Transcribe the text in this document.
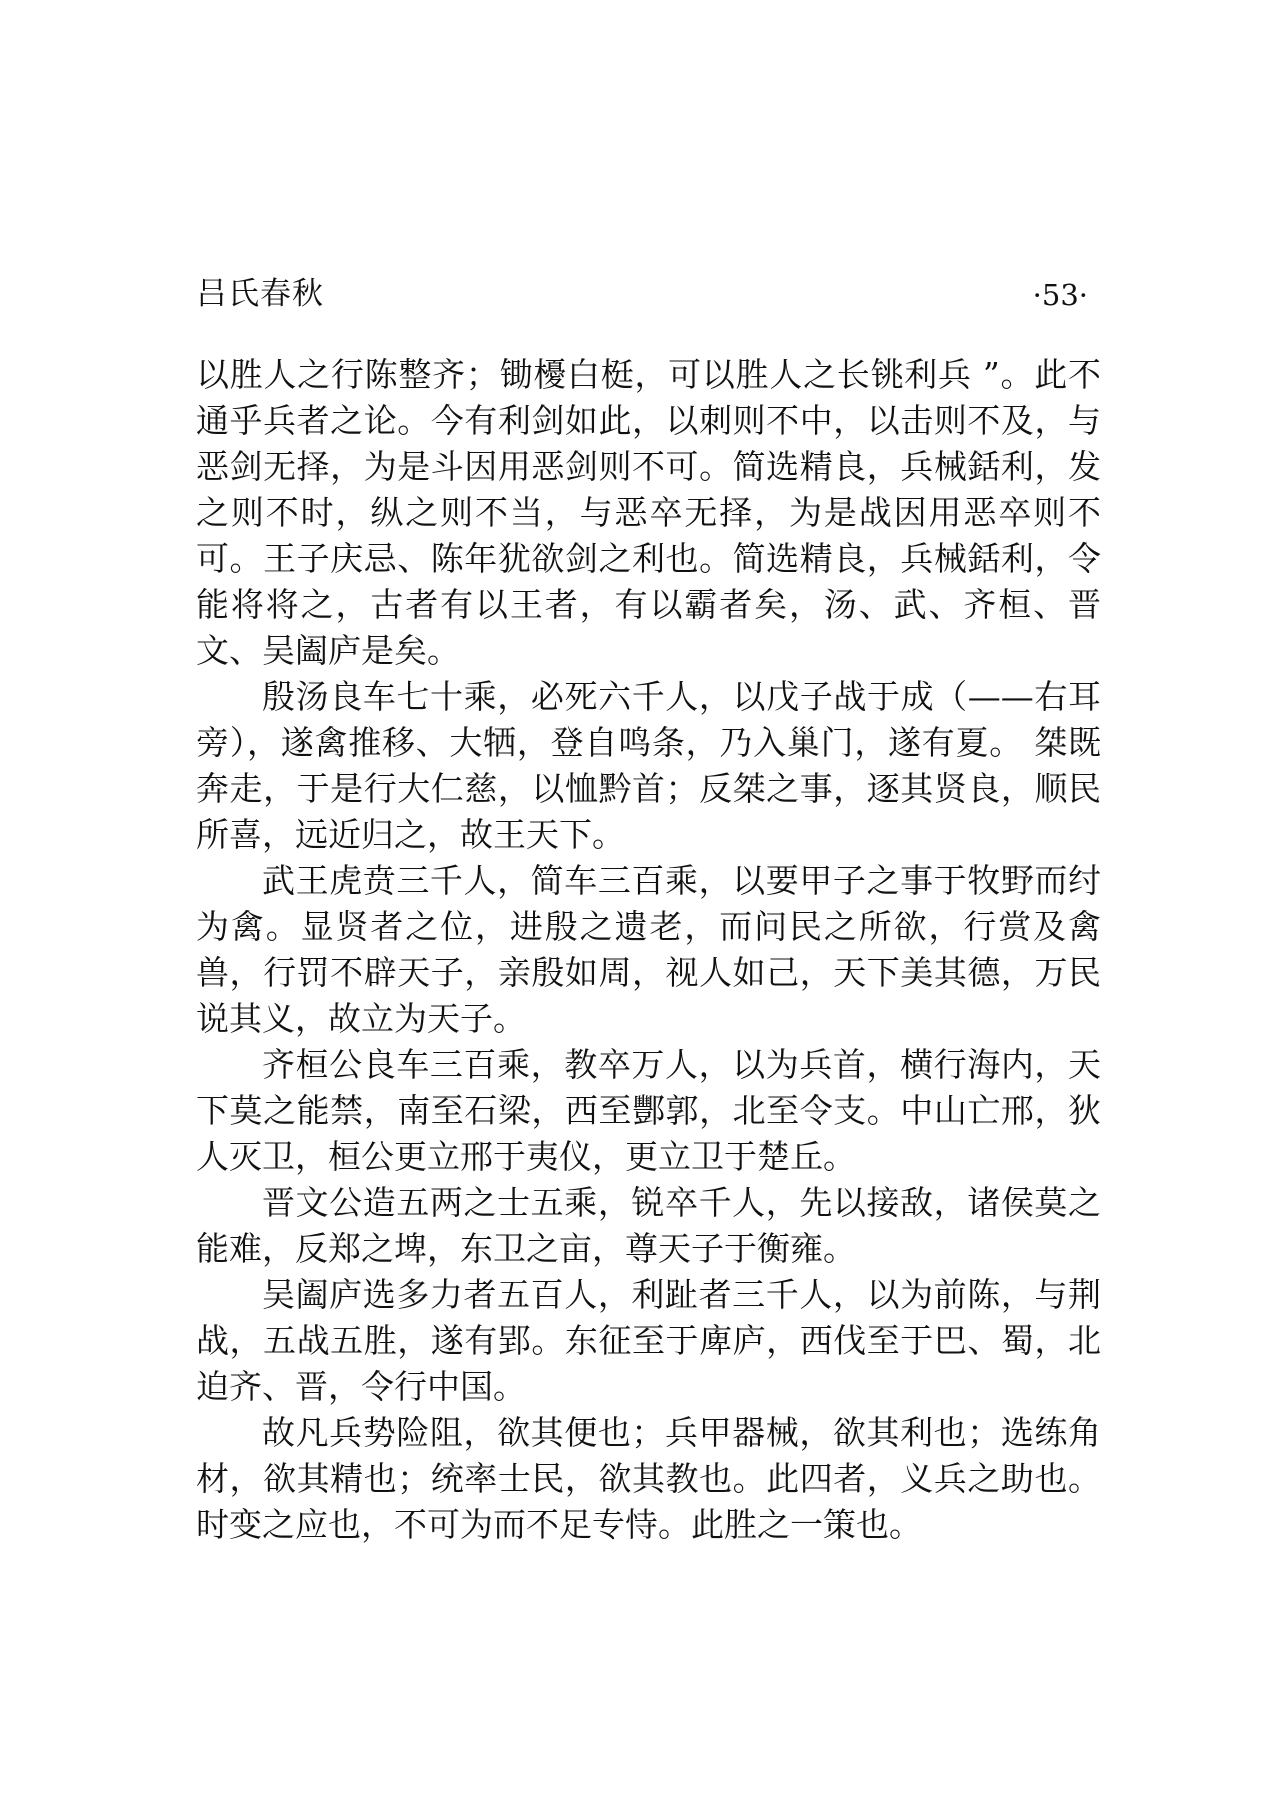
吕氏春秋	·53·

以胜人之行陈整齐；锄櫌白梃，可以胜人之长铫利兵 ”。此不通乎兵者之论。今有利剑如此，以刺则不中，以击则不及，与恶剑无择，为是斗因用恶剑则不可。简选精良，兵械銛利，发之则不时，纵之则不当，与恶卒无择，为是战因用恶卒则不可。王子庆忌、陈年犹欲剑之利也。简选精良，兵械銛利，令能将将之，古者有以王者，有以霸者矣，汤、武、齐桓、晋文、吴阖庐是矣。

殷汤良车七十乘，必死六千人，以戊子战于成（——右耳旁），遂禽推移、大牺，登自鸣条，乃入巢门，遂有夏。 桀既奔走，于是行大仁慈，以恤黔首；反桀之事，逐其贤良，顺民所喜，远近归之，故王天下。

武王虎贲三千人，简车三百乘，以要甲子之事于牧野而纣为禽。显贤者之位，进殷之遗老，而问民之所欲，行赏及禽兽，行罚不辟天子，亲殷如周，视人如己，天下美其德，万民说其义，故立为天子。

齐桓公良车三百乘，教卒万人，以为兵首，横行海内，天下莫之能禁，南至石梁，西至酆郭，北至令支。中山亡邢，狄人灭卫，桓公更立邢于夷仪，更立卫于楚丘。

晋文公造五两之士五乘，锐卒千人，先以接敌，诸侯莫之能难，反郑之埤，东卫之亩，尊天子于衡雍。

吴阖庐选多力者五百人，利趾者三千人，以为前陈，与荆战，五战五胜，遂有郢。东征至于庳庐，西伐至于巴、蜀，北迫齐、晋，令行中国。

故凡兵势险阻，欲其便也；兵甲器械，欲其利也；选练角材，欲其精也；统率士民，欲其教也。此四者，义兵之助也。时变之应也，不可为而不足专恃。此胜之一策也。
